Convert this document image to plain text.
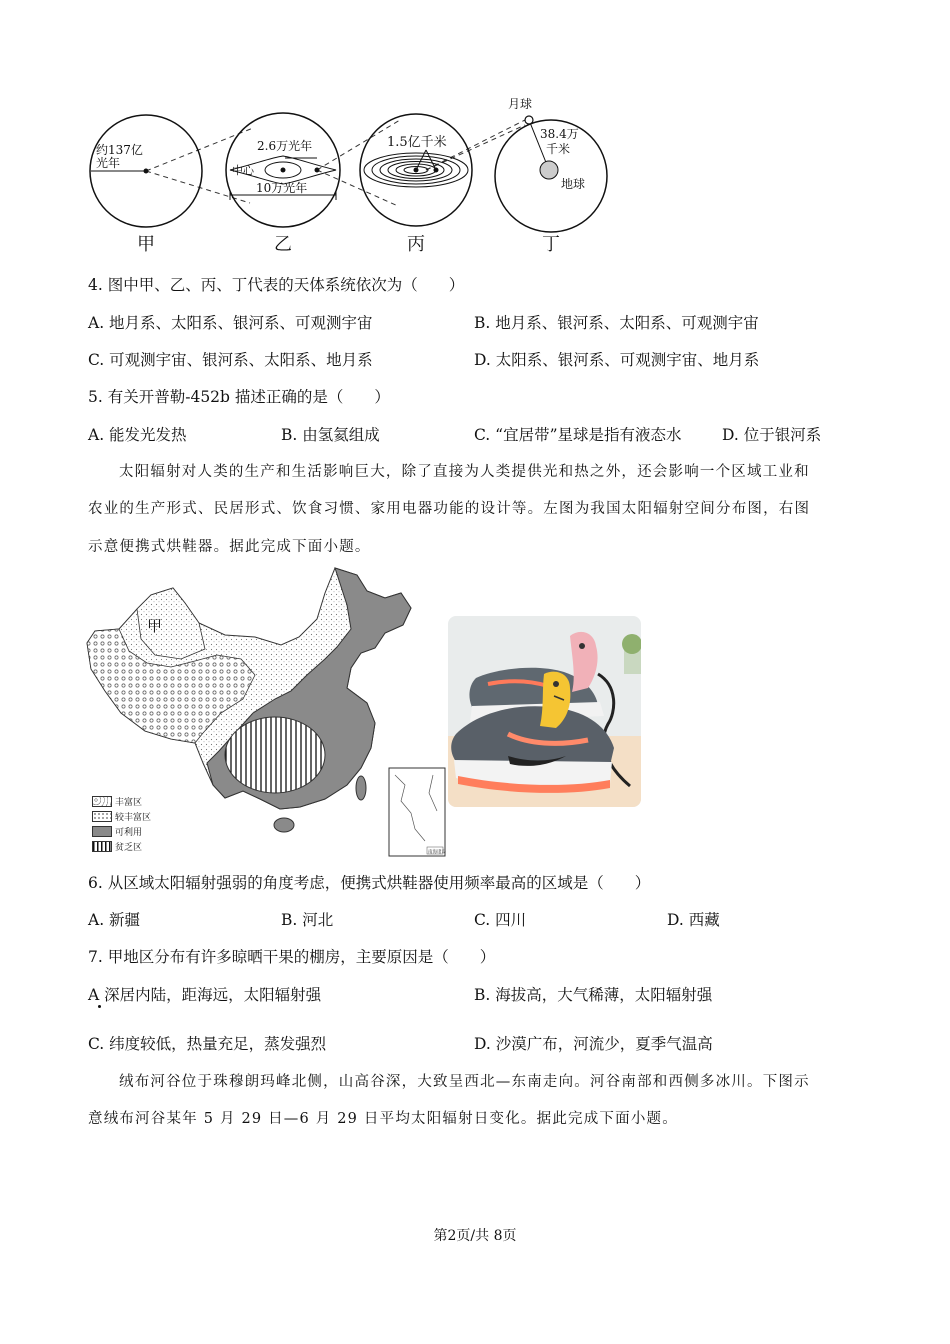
约137亿
光年
2.6万光年
中心
10万光年
1.5亿千米
月球
38.4万
千米
地球
甲	乙	丙	丁
4. 图中甲、乙、丙、丁代表的天体系统依次为（　　）
A. 地月系、太阳系、银河系、可观测宇宙	B. 地月系、银河系、太阳系、可观测宇宙
C. 可观测宇宙、银河系、太阳系、地月系	D. 太阳系、银河系、可观测宇宙、地月系
5. 有关开普勒-452b 描述正确的是（　　）
A. 能发光发热	B. 由氢氦组成	C. “宜居带”星球是指有液态水	D. 位于银河系
太阳辐射对人类的生产和生活影响巨大，除了直接为人类提供光和热之外，还会影响一个区域工业和
农业的生产形式、民居形式、饮食习惯、家用电器功能的设计等。左图为我国太阳辐射空间分布图，右图
示意便携式烘鞋器。据此完成下面小题。
甲
南海诸岛
丰富区
较丰富区
可利用
贫乏区
6. 从区域太阳辐射强弱的角度考虑，便携式烘鞋器使用频率最高的区域是（　　）
A. 新疆	B. 河北	C. 四川	D. 西藏
7. 甲地区分布有许多晾晒干果的棚房，主要原因是（　　）
A 深居内陆，距海远，太阳辐射强	B. 海拔高，大气稀薄，太阳辐射强
C. 纬度较低，热量充足，蒸发强烈	D. 沙漠广布，河流少，夏季气温高
绒布河谷位于珠穆朗玛峰北侧，山高谷深，大致呈西北—东南走向。河谷南部和西侧多冰川。下图示
意绒布河谷某年 5 月 29 日—6 月 29 日平均太阳辐射日变化。据此完成下面小题。
第2页/共 8页
